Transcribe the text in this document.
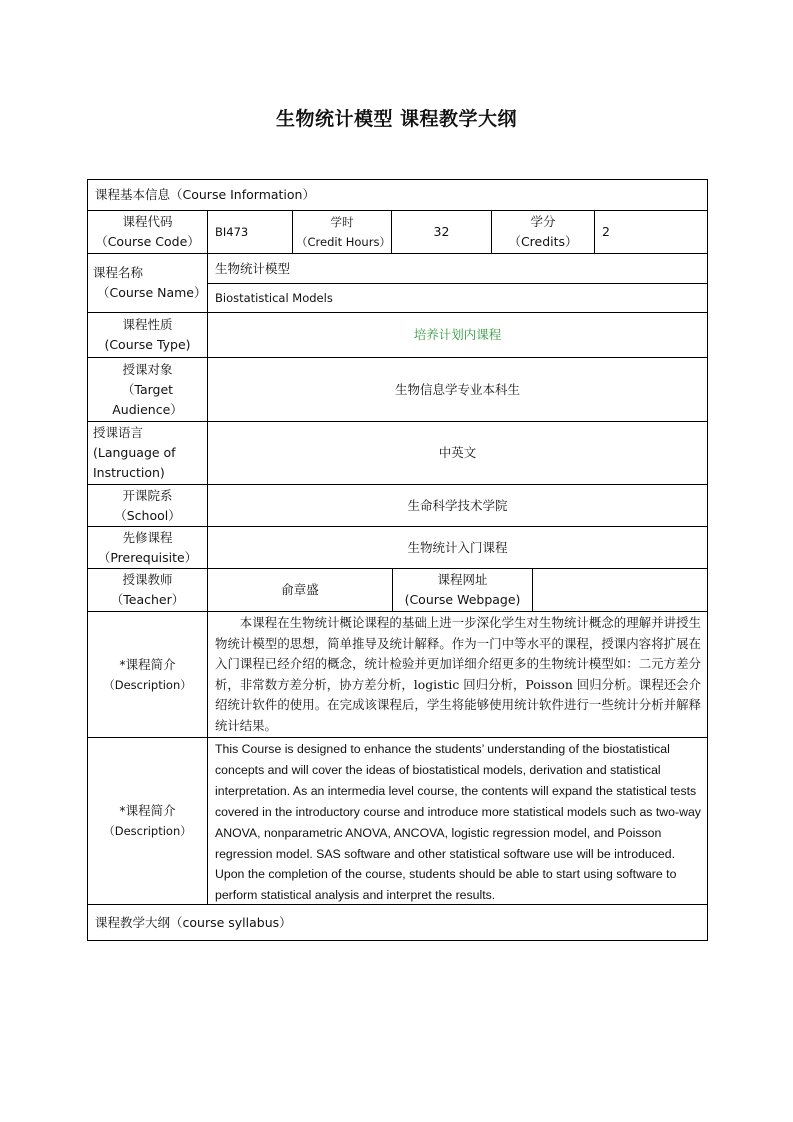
生物统计模型 课程教学大纲
课程基本信息（Course Information）
课程代码
（Course Code）
BI473
学时
（Credit Hours）
32
学分
（Credits）
2
课程名称
（Course Name）
生物统计模型
Biostatistical Models
课程性质
(Course Type)
培养计划内课程
授课对象
（Target
Audience）
生物信息学专业本科生
授课语言
(Language of
Instruction)
中英文
开课院系
（School）
生命科学技术学院
先修课程
（Prerequisite）
生物统计入门课程
授课教师
（Teacher）
俞章盛
课程网址
(Course Webpage)
*课程简介
（Description）
本课程在生物统计概论课程的基础上进一步深化学生对生物统计概念的理解并讲授生物统计模型的思想，简单推导及统计解释。作为一门中等水平的课程，授课内容将扩展在入门课程已经介绍的概念，统计检验并更加详细介绍更多的生物统计模型如：二元方差分析，非常数方差分析，协方差分析，logistic 回归分析，Poisson 回归分析。课程还会介绍统计软件的使用。在完成该课程后，学生将能够使用统计软件进行一些统计分析并解释统计结果。
*课程简介
（Description）
This Course is designed to enhance the students’ understanding of the biostatistical concepts and will cover the ideas of biostatistical models, derivation and statistical interpretation. As an intermedia level course, the contents will expand the statistical tests covered in the introductory course and introduce more statistical models such as two-way ANOVA, nonparametric ANOVA, ANCOVA, logistic regression model, and Poisson regression model. SAS software and other statistical software use will be introduced. Upon the completion of the course, students should be able to start using software to perform statistical analysis and interpret the results.
课程教学大纲（course syllabus）
